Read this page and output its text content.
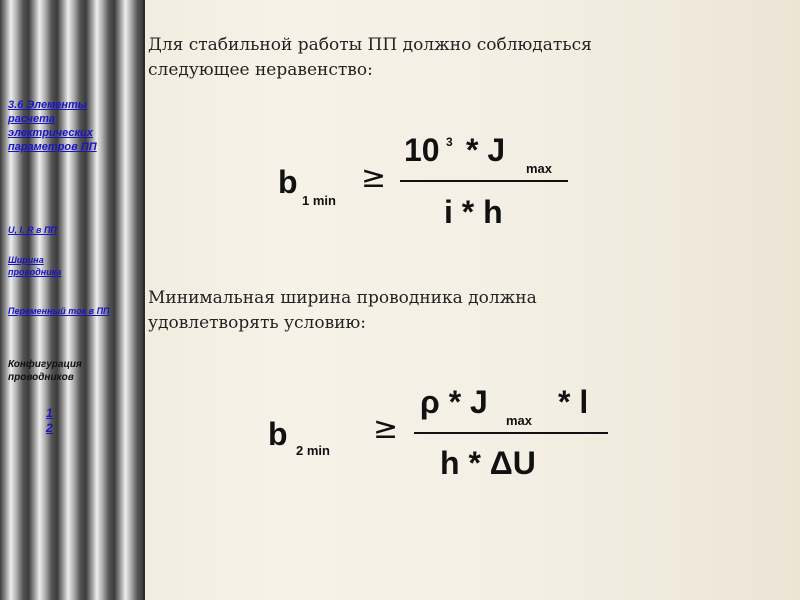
3.6 Элементы расчета электрических параметров ПП
U, I, R в ПП
Ширина проводника
Переменный ток в ПП
Конфигурация проводников
1
2
Для стабильной работы ПП должно соблюдаться
следующее неравенство:
b
1 min
≥
10 3 * J
max
i * h
Минимальная ширина проводника должна
удовлетворять условию:
b 2 min
≥
ρ * J
max
* l
h * ΔU
